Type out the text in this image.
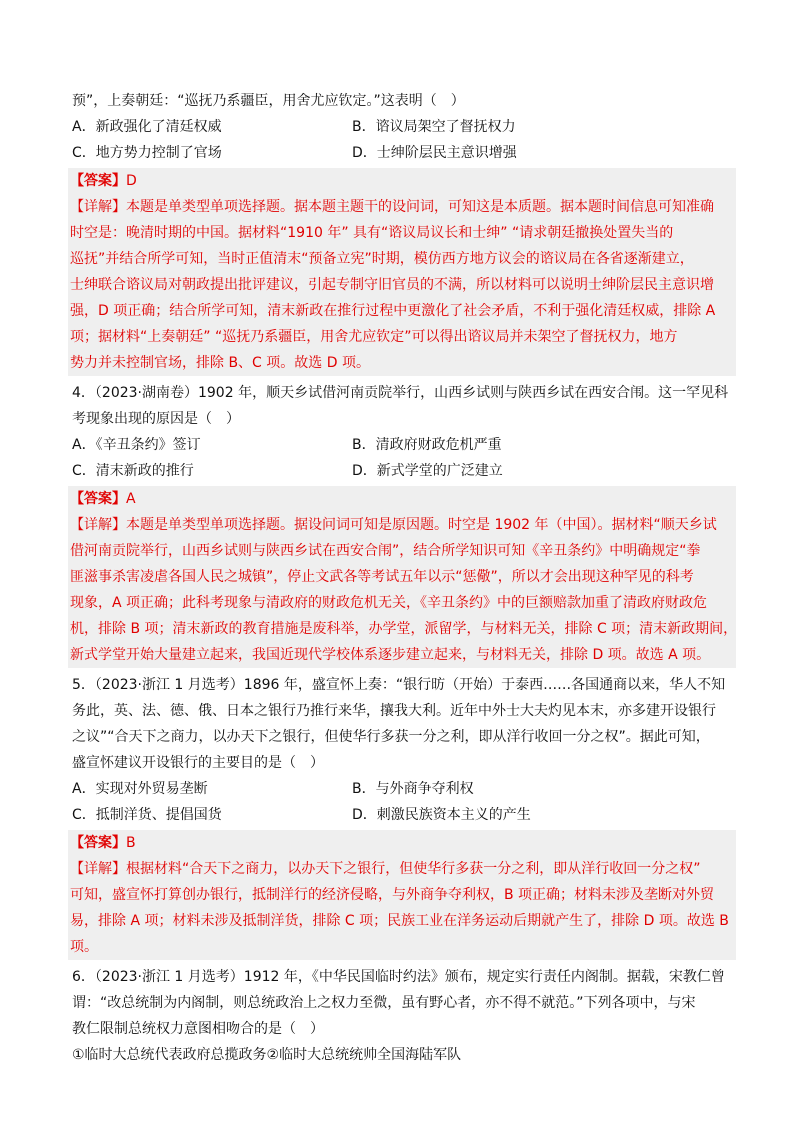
预”，上奏朝廷：“巡抚乃系疆臣，用舍尤应钦定。”这表明（　）
A．新政强化了清廷权威	B．谘议局架空了督抚权力
C．地方势力控制了官场	D．士绅阶层民主意识增强
【答案】D
【详解】本题是单类型单项选择题。据本题主题干的设问词，可知这是本质题。据本题时间信息可知准确
时空是：晚清时期的中国。据材料“1910 年” 具有“谘议局议长和士绅” “请求朝廷撤换处置失当的
巡抚”并结合所学可知，当时正值清末“预备立宪”时期，模仿西方地方议会的谘议局在各省逐渐建立，
士绅联合谘议局对朝政提出批评建议，引起专制守旧官员的不满，所以材料可以说明士绅阶层民主意识增
强，D 项正确；结合所学可知，清末新政在推行过程中更激化了社会矛盾，不利于强化清廷权威，排除 A
项；据材料“上奏朝廷” “巡抚乃系疆臣，用舍尤应钦定”可以得出谘议局并未架空了督抚权力，地方
势力并未控制官场，排除 B、C 项。故选 D 项。
4．（2023·湖南卷）1902 年，顺天乡试借河南贡院举行，山西乡试则与陕西乡试在西安合闱。这一罕见科
考现象出现的原因是（　）
A．《辛丑条约》签订	B．清政府财政危机严重
C．清末新政的推行	D．新式学堂的广泛建立
【答案】A
【详解】本题是单类型单项选择题。据设问词可知是原因题。时空是 1902 年（中国）。据材料“顺天乡试
借河南贡院举行，山西乡试则与陕西乡试在西安合闱”，结合所学知识可知《辛丑条约》中明确规定“拳
匪滋事杀害凌虐各国人民之城镇”，停止文武各等考试五年以示“惩儆”，所以才会出现这种罕见的科考
现象，A 项正确；此科考现象与清政府的财政危机无关，《辛丑条约》中的巨额赔款加重了清政府财政危
机，排除 B 项；清末新政的教育措施是废科举，办学堂，派留学，与材料无关，排除 C 项；清末新政期间，
新式学堂开始大量建立起来，我国近现代学校体系逐步建立起来，与材料无关，排除 D 项。故选 A 项。
5．（2023·浙江 1 月选考）1896 年，盛宣怀上奏：“银行昉（开始）于泰西……各国通商以来，华人不知
务此，英、法、德、俄、日本之银行乃推行来华，攘我大利。近年中外士大夫灼见本末，亦多建开设银行
之议”“合天下之商力，以办天下之银行，但使华行多获一分之利，即从洋行收回一分之权”。据此可知，
盛宣怀建议开设银行的主要目的是（　）
A．实现对外贸易垄断	B．与外商争夺利权
C．抵制洋货、提倡国货	D．刺激民族资本主义的产生
【答案】B
【详解】根据材料“合天下之商力，以办天下之银行，但使华行多获一分之利，即从洋行收回一分之权”
可知，盛宣怀打算创办银行，抵制洋行的经济侵略，与外商争夺利权，B 项正确；材料未涉及垄断对外贸
易，排除 A 项；材料未涉及抵制洋货，排除 C 项；民族工业在洋务运动后期就产生了，排除 D 项。故选 B
项。
6．（2023·浙江 1 月选考）1912 年，《中华民国临时约法》颁布，规定实行责任内阁制。据载，宋教仁曾
谓：“改总统制为内阁制，则总统政治上之权力至微，虽有野心者，亦不得不就范。”下列各项中，与宋
教仁限制总统权力意图相吻合的是（　）
①临时大总统代表政府总揽政务②临时大总统统帅全国海陆军队
